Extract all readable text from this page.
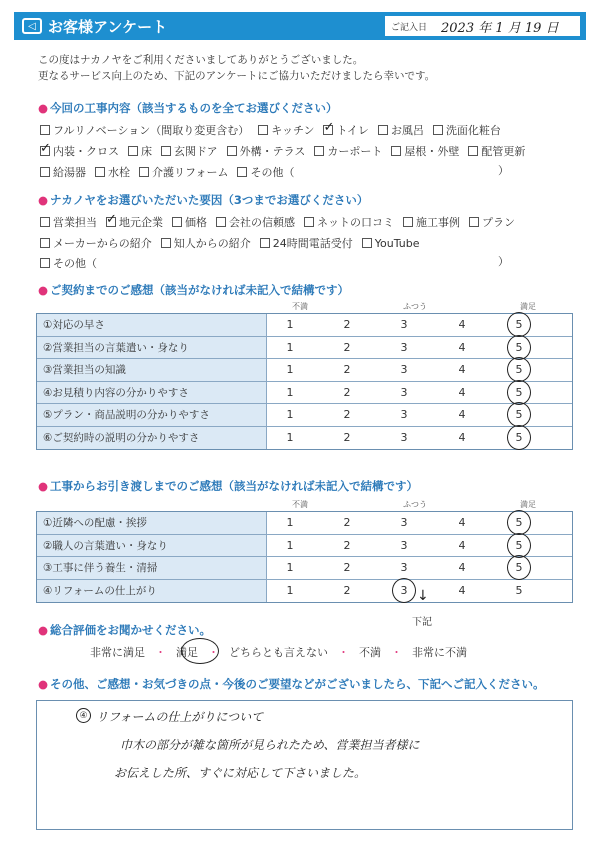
◁ お客様アンケート	ご記入日 2023 年 1 月 19 日
この度はナカノヤをご利用くださいましてありがとうございました。
更なるサービス向上のため、下記のアンケートにご協力いただけましたら幸いです。
● 今回の工事内容（該当するものを全てお選びください）
フルリノベーション（間取り変更含む） キッチン ✓ トイレ お風呂 洗面化粧台
✓
内装・クロス 床 玄関ドア 外構・テラス カーポート 屋根・外壁 配管更新
給湯器 水栓 介護リフォーム その他（	）
● ナカノヤをお選びいただいた要因（3つまでお選びください）
営業担当 ✓ 地元企業 価格 会社の信頼感 ネットの口コミ 施工事例 プラン
メーカーからの紹介 知人からの紹介 24時間電話受付 YouTube
その他（	）
● ご契約までのご感想（該当がなければ未記入で結構です）
不満	ふつう	満足
①対応の早さ	1	2	3	4	5
②営業担当の言葉遣い・身なり	1	2	3	4	5
③営業担当の知識	1	2	3	4	5
④お見積り内容の分かりやすさ	1	2	3	4	5
⑤プラン・商品説明の分かりやすさ	1	2	3	4	5
⑥ご契約時の説明の分かりやすさ	1	2	3	4	5
● 工事からお引き渡しまでのご感想（該当がなければ未記入で結構です）
不満	ふつう	満足
①近隣への配慮・挨拶	1	2	3	4	5
②職人の言葉遣い・身なり	1	2	3	4	5
③工事に伴う養生・清掃	1	2	3	4	5
④リフォームの仕上がり	1	2	3	4	5
↓
下記
● 総合評価をお聞かせください。
非常に満足 ・ 満足 ・ どちらとも言えない ・ 不満 ・ 非常に不満
● その他、ご感想・お気づきの点・今後のご要望などがございましたら、下記へご記入ください。
④ リフォームの仕上がりについて
巾木の部分が雑な箇所が見られたため、営業担当者様に
お伝えした所、すぐに対応して下さいました。
